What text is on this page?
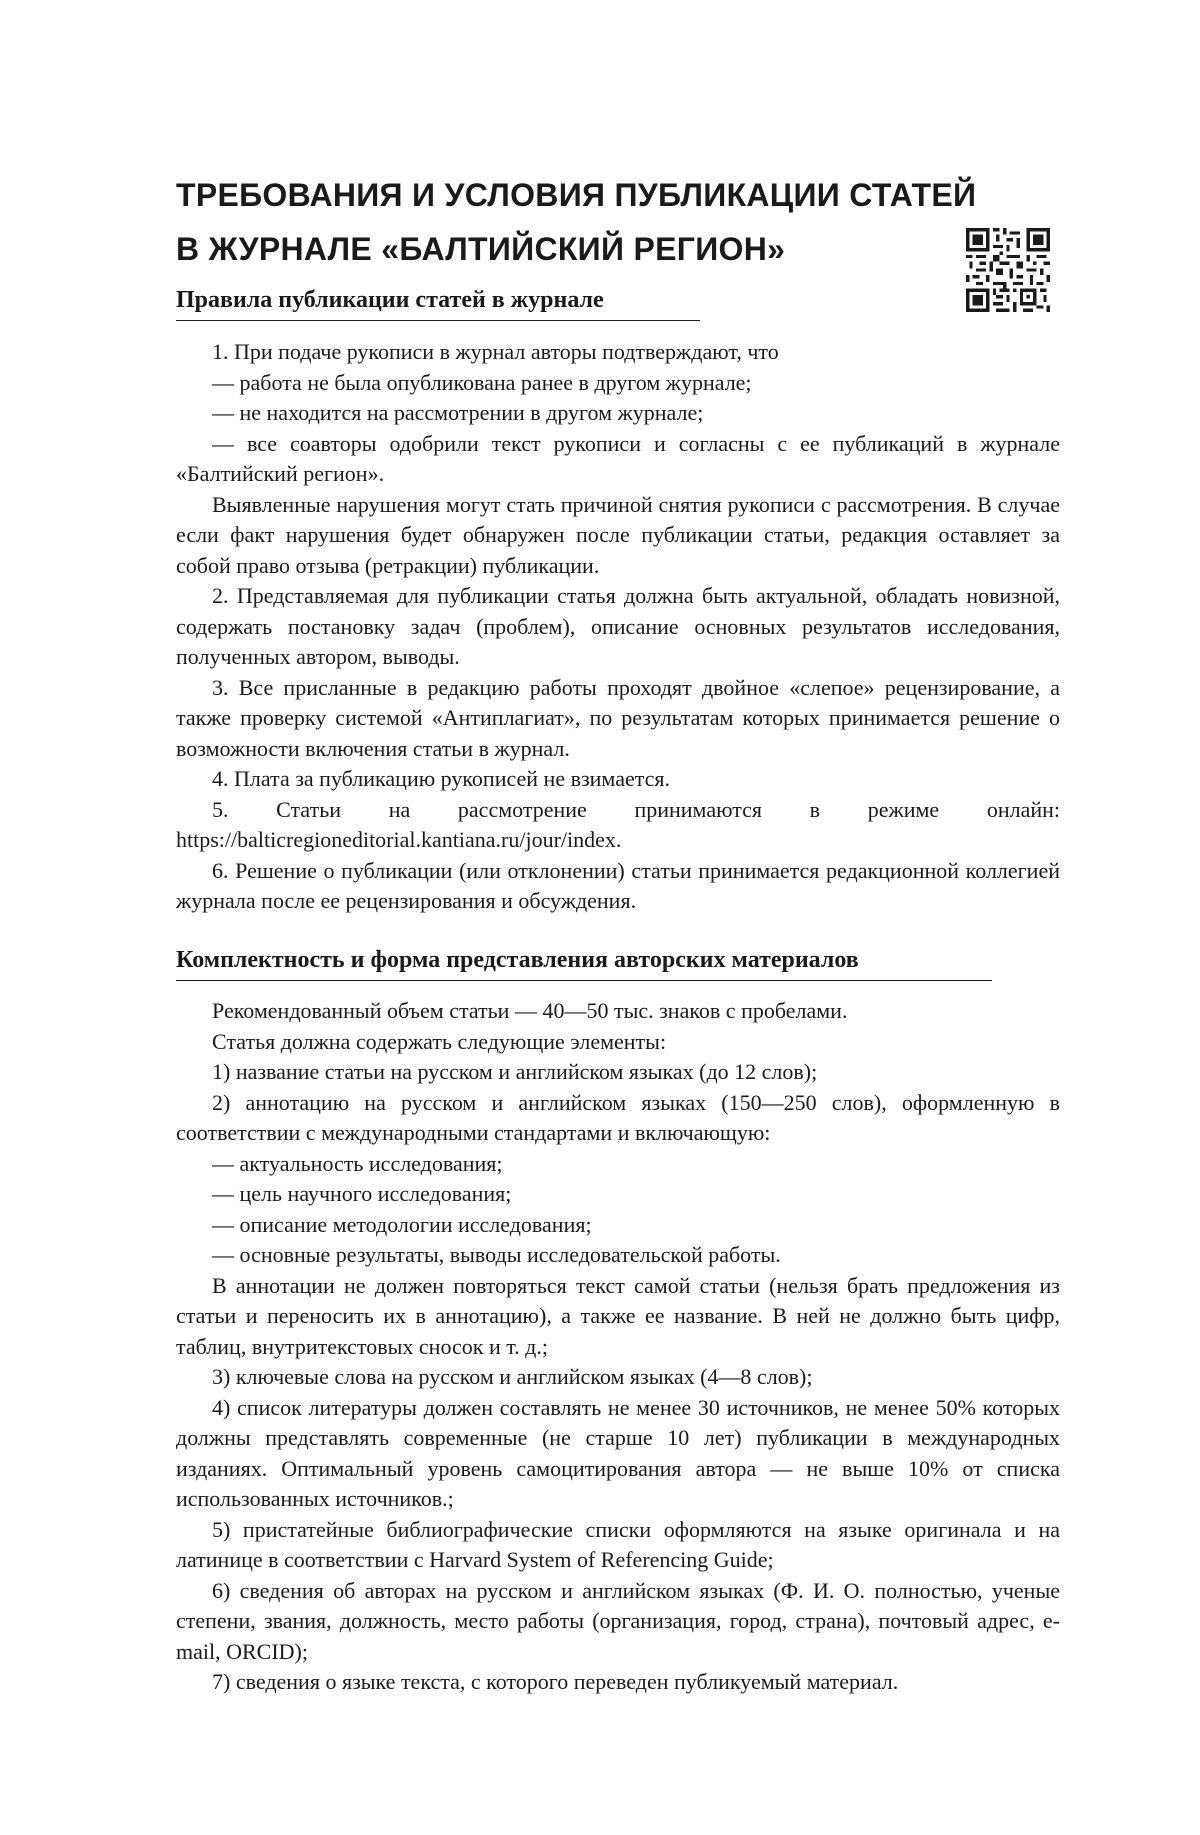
ТРЕБОВАНИЯ И УСЛОВИЯ ПУБЛИКАЦИИ СТАТЕЙ
В ЖУРНАЛЕ «БАЛТИЙСКИЙ РЕГИОН»
Правила публикации статей в журнале

1. При подаче рукописи в журнал авторы подтверждают, что

— работа не была опубликована ранее в другом журнале;

— не находится на рассмотрении в другом журнале;

— все соавторы одобрили текст рукописи и согласны с ее публикаций в журнале «Балтийский регион».

Выявленные нарушения могут стать причиной снятия рукописи с рассмотрения. В случае если факт нарушения будет обнаружен после публикации статьи, редакция оставляет за собой право отзыва (ретракции) публикации.

2. Представляемая для публикации статья должна быть актуальной, обладать новизной, содержать постановку задач (проблем), описание основных результатов исследования, полученных автором, выводы.

3. Все присланные в редакцию работы проходят двойное «слепое» рецензирование, а также проверку системой «Антиплагиат», по результатам которых принимается решение о возможности включения статьи в журнал.

4. Плата за публикацию рукописей не взимается.

5. Статьи на рассмотрение принимаются в режиме онлайн: https://balticregioneditorial.kantiana.ru/jour/index.

6. Решение о публикации (или отклонении) статьи принимается редакционной коллегией журнала после ее рецензирования и обсуждения.

Комплектность и форма представления авторских материалов

Рекомендованный объем статьи — 40—50 тыс. знаков с пробелами.

Статья должна содержать следующие элементы:

1) название статьи на русском и английском языках (до 12 слов);

2) аннотацию на русском и английском языках (150—250 слов), оформленную в соответствии с международными стандартами и включающую:

— актуальность исследования;

— цель научного исследования;

— описание методологии исследования;

— основные результаты, выводы исследовательской работы.

В аннотации не должен повторяться текст самой статьи (нельзя брать предложения из статьи и переносить их в аннотацию), а также ее название. В ней не должно быть цифр, таблиц, внутритекстовых сносок и т. д.;

3) ключевые слова на русском и английском языках (4—8 слов);

4) список литературы должен составлять не менее 30 источников, не менее 50% которых должны представлять современные (не старше 10 лет) публикации в международных изданиях. Оптимальный уровень самоцитирования автора — не выше 10% от списка использованных источников.;

5) пристатейные библиографические списки оформляются на языке оригинала и на латинице в соответствии с Harvard System of Referencing Guide;

6) сведения об авторах на русском и английском языках (Ф. И. О. полностью, ученые степени, звания, должность, место работы (организация, город, страна), почтовый адрес, e-mail, ORCID);

7) сведения о языке текста, с которого переведен публикуемый материал.
